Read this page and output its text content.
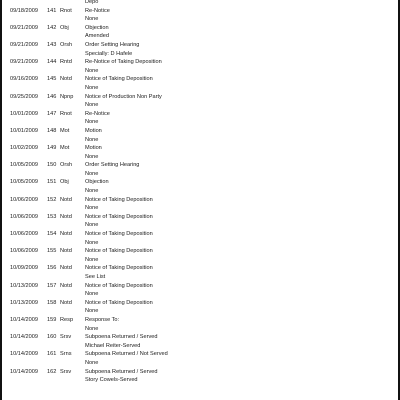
Depo
09/18/2009 141 Rnot Re-Notice
None
09/21/2009 142 Obj	Objection
Amended
09/21/2009 143 Orsh Order Setting Hearing
Specially: D Hafele
09/21/2009 144 Rntd Re-Notice of Taking Deposition
None
09/16/2009 145 Notd Notice of Taking Deposition
None
09/25/2009 146 Npnp Notice of Production Non Party
None
10/01/2009 147 Rnot Re-Notice
None
10/01/2009 148 Mot	Motion
None
10/02/2009 149 Mot	Motion
None
10/05/2009 150 Orsh Order Setting Hearing
None
10/05/2009 151 Obj	Objection
None
10/06/2009 152 Notd Notice of Taking Deposition
None
10/06/2009 153 Notd Notice of Taking Deposition
None
10/06/2009 154 Notd Notice of Taking Deposition
None
10/06/2009 155 Notd Notice of Taking Deposition
None
10/09/2009 156 Notd Notice of Taking Deposition
See List
10/13/2009 157 Notd Notice of Taking Deposition
None
10/13/2009 158 Notd Notice of Taking Deposition
None
10/14/2009 159 Resp Response To:
None
10/14/2009 160 Srsv Subpoena Returned / Served
Michael Reiter-Served
10/14/2009 161 Srns Subpoena Returned / Not Served
None
10/14/2009 162 Srsv Subpoena Returned / Served
Story Cowels-Served
